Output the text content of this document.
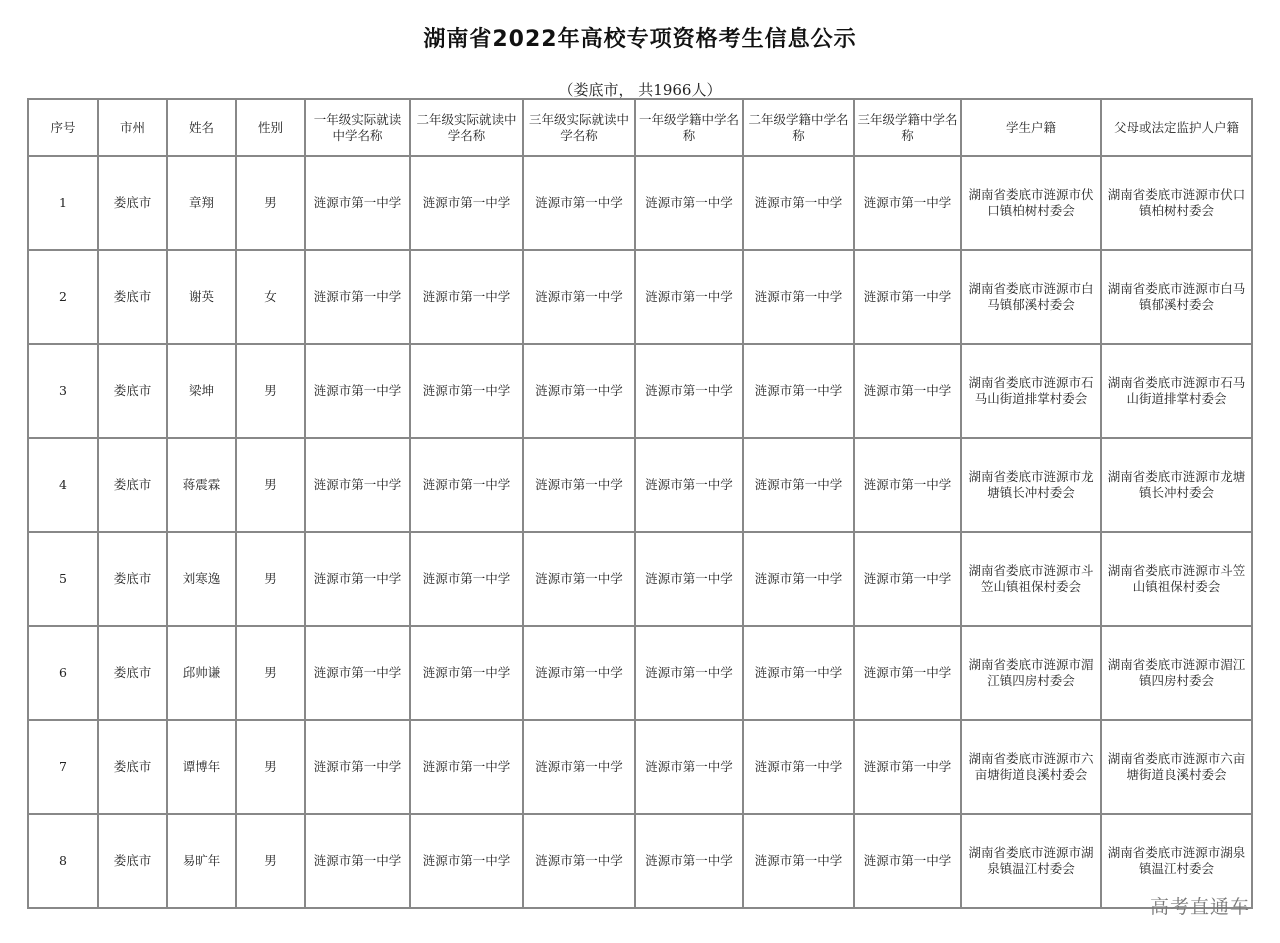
湖南省2022年高校专项资格考生信息公示
（娄底市， 共1966人）
序号	市州	姓名	性别	一年级实际就读中学名称	二年级实际就读中学名称	三年级实际就读中学名称	一年级学籍中学名称	二年级学籍中学名称	三年级学籍中学名称	学生户籍	父母或法定监护人户籍
1	娄底市	章翔	男	涟源市第一中学	涟源市第一中学	涟源市第一中学	涟源市第一中学	涟源市第一中学	涟源市第一中学	湖南省娄底市涟源市伏口镇柏树村委会	湖南省娄底市涟源市伏口镇柏树村委会
2	娄底市	谢英	女	涟源市第一中学	涟源市第一中学	涟源市第一中学	涟源市第一中学	涟源市第一中学	涟源市第一中学	湖南省娄底市涟源市白马镇郁溪村委会	湖南省娄底市涟源市白马镇郁溪村委会
3	娄底市	梁坤	男	涟源市第一中学	涟源市第一中学	涟源市第一中学	涟源市第一中学	涟源市第一中学	涟源市第一中学	湖南省娄底市涟源市石马山街道排掌村委会	湖南省娄底市涟源市石马山街道排掌村委会
4	娄底市	蒋震霖	男	涟源市第一中学	涟源市第一中学	涟源市第一中学	涟源市第一中学	涟源市第一中学	涟源市第一中学	湖南省娄底市涟源市龙塘镇长冲村委会	湖南省娄底市涟源市龙塘镇长冲村委会
5	娄底市	刘寒逸	男	涟源市第一中学	涟源市第一中学	涟源市第一中学	涟源市第一中学	涟源市第一中学	涟源市第一中学	湖南省娄底市涟源市斗笠山镇祖保村委会	湖南省娄底市涟源市斗笠山镇祖保村委会
6	娄底市	邱帅谦	男	涟源市第一中学	涟源市第一中学	涟源市第一中学	涟源市第一中学	涟源市第一中学	涟源市第一中学	湖南省娄底市涟源市湄江镇四房村委会	湖南省娄底市涟源市湄江镇四房村委会
7	娄底市	谭博年	男	涟源市第一中学	涟源市第一中学	涟源市第一中学	涟源市第一中学	涟源市第一中学	涟源市第一中学	湖南省娄底市涟源市六亩塘街道良溪村委会	湖南省娄底市涟源市六亩塘街道良溪村委会
8	娄底市	易旷年	男	涟源市第一中学	涟源市第一中学	涟源市第一中学	涟源市第一中学	涟源市第一中学	涟源市第一中学	湖南省娄底市涟源市湖泉镇温江村委会	湖南省娄底市涟源市湖泉镇温江村委会
高考直通车
